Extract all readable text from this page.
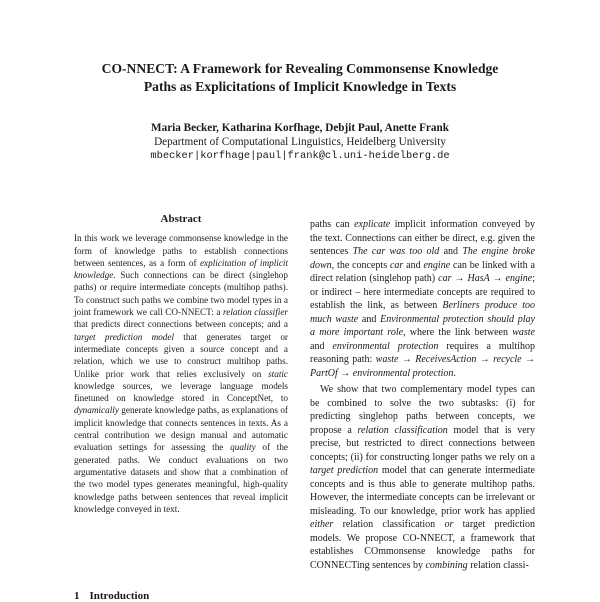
CO-NNECT: A Framework for Revealing Commonsense Knowledge
Paths as Explicitations of Implicit Knowledge in Texts
Maria Becker, Katharina Korfhage, Debjit Paul, Anette Frank
Department of Computational Linguistics, Heidelberg University
mbecker|korfhage|paul|frank@cl.uni-heidelberg.de
Abstract
In this work we leverage commonsense knowledge in the form of knowledge paths to establish connections between sentences, as a form of explicitation of implicit knowledge. Such connections can be direct (singlehop paths) or require intermediate concepts (multihop paths). To construct such paths we combine two model types in a joint framework we call CO-NNECT: a relation classifier that predicts direct connections between concepts; and a target prediction model that generates target or intermediate concepts given a source concept and a relation, which we use to construct multihop paths. Unlike prior work that relies exclusively on static knowledge sources, we leverage language models finetuned on knowledge stored in ConceptNet, to dynamically generate knowledge paths, as explanations of implicit knowledge that connects sentences in texts. As a central contribution we design manual and automatic evaluation settings for assessing the quality of the generated paths. We conduct evaluations on two argumentative datasets and show that a combination of the two model types generates meaningful, high-quality knowledge paths between sentences that reveal implicit knowledge conveyed in text.
1 Introduction

paths can explicate implicit information conveyed by the text. Connections can either be direct, e.g. given the sentences The car was too old and The engine broke down, the concepts car and engine can be linked with a direct relation (singlehop path) car → HasA → engine; or indirect – here intermediate concepts are required to establish the link, as between Berliners produce too much waste and Environmental protection should play a more important role, where the link between waste and environmental protection requires a multihop reasoning path: waste → ReceivesAction → recycle → PartOf → environmental protection.

We show that two complementary model types can be combined to solve the two subtasks: (i) for predicting singlehop paths between concepts, we propose a relation classification model that is very precise, but restricted to direct connections between concepts; (ii) for constructing longer paths we rely on a target prediction model that can generate intermediate concepts and is thus able to generate multihop paths. However, the intermediate concepts can be irrelevant or misleading. To our knowledge, prior work has applied either relation classification or target prediction models. We propose CO-NNECT, a framework that establishes COmmonsense knowledge paths for CONNECTing sentences by combining relation classi-
